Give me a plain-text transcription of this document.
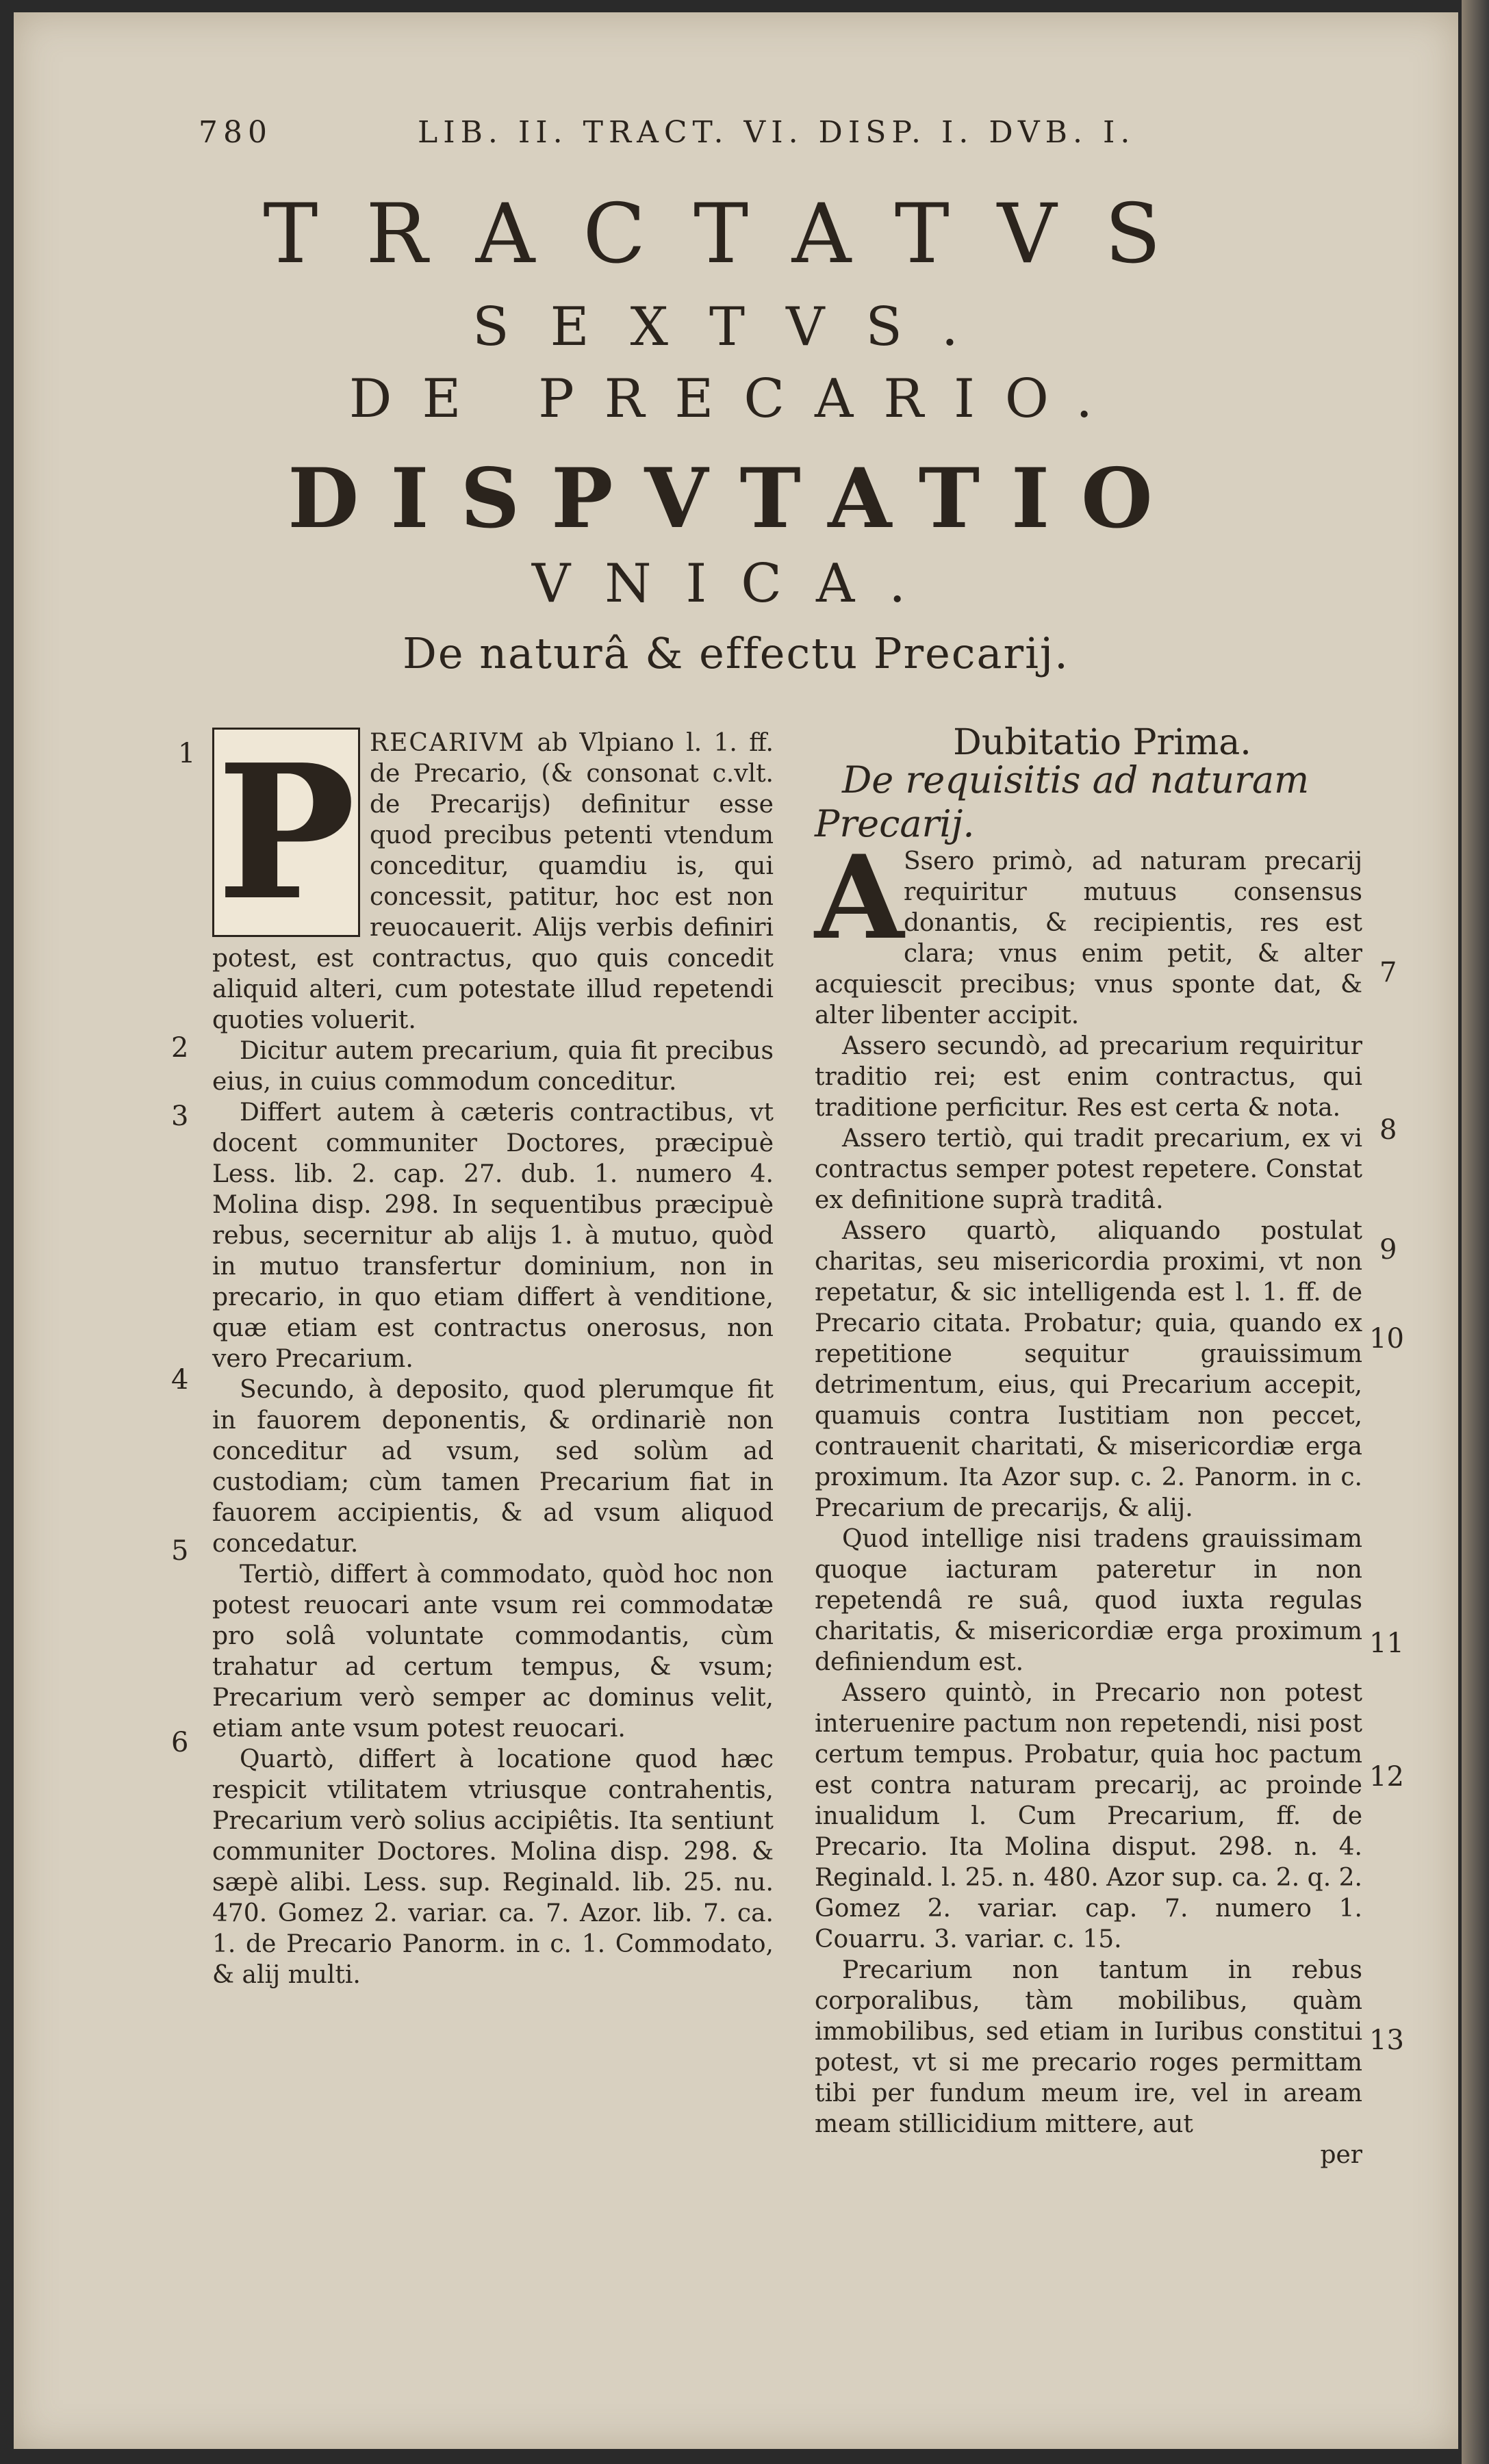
780	LIB. II. TRACT. VI. DISP. I. DVB. I.
TRACTATVS
SEXTVS.
DE PRECARIO.
DISPVTATIO
VNICA.
De naturâ & effectu Precarij.
1
2
3
4
5
6

P RECARIVM ab Vlpiano l. 1. ff. de Precario, (& consonat c.vlt. de Precarijs) definitur esse quod precibus petenti vtendum conceditur, quamdiu is, qui concessit, patitur, hoc est non reuocauerit. Alijs verbis definiri potest, est contractus, quo quis concedit aliquid alteri, cum potestate illud repetendi quoties voluerit.

Dicitur autem precarium, quia fit precibus eius, in cuius commodum conceditur.

Differt autem à cæteris contractibus, vt docent communiter Doctores, præcipuè Less. lib. 2. cap. 27. dub. 1. numero 4. Molina disp. 298. In sequentibus præcipuè rebus, secernitur ab alijs 1. à mutuo, quòd in mutuo transfertur dominium, non in precario, in quo etiam differt à venditione, quæ etiam est contractus onerosus, non vero Precarium.

Secundo, à deposito, quod plerumque fit in fauorem deponentis, & ordinariè non conceditur ad vsum, sed solùm ad custodiam; cùm tamen Precarium fiat in fauorem accipientis, & ad vsum aliquod concedatur.

Tertiò, differt à commodato, quòd hoc non potest reuocari ante vsum rei commodatæ pro solâ voluntate commodantis, cùm trahatur ad certum tempus, & vsum; Precarium verò semper ac dominus velit, etiam ante vsum potest reuocari.

Quartò, differt à locatione quod hæc respicit vtilitatem vtriusque contrahentis, Precarium verò solius accipiêtis. Ita sentiunt communiter Doctores. Molina disp. 298. & sæpè alibi. Less. sup. Reginald. lib. 25. nu. 470. Gomez 2. variar. ca. 7. Azor. lib. 7. ca. 1. de Precario Panorm. in c. 1. Commodato, & alij multi.

7
8
9
10
11
12
13

Dubitatio Prima.

De requisitis ad naturam Precarij.

A Ssero primò, ad naturam precarij requiritur mutuus consensus donantis, & recipientis, res est clara; vnus enim petit, & alter acquiescit precibus; vnus sponte dat, & alter libenter accipit.

Assero secundò, ad precarium requiritur traditio rei; est enim contractus, qui traditione perficitur. Res est certa & nota.

Assero tertiò, qui tradit precarium, ex vi contractus semper potest repetere. Constat ex definitione suprà traditâ.

Assero quartò, aliquando postulat charitas, seu misericordia proximi, vt non repetatur, & sic intelligenda est l. 1. ff. de Precario citata. Probatur; quia, quando ex repetitione sequitur grauissimum detrimentum, eius, qui Precarium accepit, quamuis contra Iustitiam non peccet, contrauenit charitati, & misericordiæ erga proximum. Ita Azor sup. c. 2. Panorm. in c. Precarium de precarijs, & alij.

Quod intellige nisi tradens grauissimam quoque iacturam pateretur in non repetendâ re suâ, quod iuxta regulas charitatis, & misericordiæ erga proximum definiendum est.

Assero quintò, in Precario non potest interuenire pactum non repetendi, nisi post certum tempus. Probatur, quia hoc pactum est contra naturam precarij, ac proinde inualidum l. Cum Precarium, ff. de Precario. Ita Molina disput. 298. n. 4. Reginald. l. 25. n. 480. Azor sup. ca. 2. q. 2. Gomez 2. variar. cap. 7. numero 1. Couarru. 3. variar. c. 15.

Precarium non tantum in rebus corporalibus, tàm mobilibus, quàm immobilibus, sed etiam in Iuribus constitui potest, vt si me precario roges permittam tibi per fundum meum ire, vel in aream meam stillicidium mittere, aut

per
